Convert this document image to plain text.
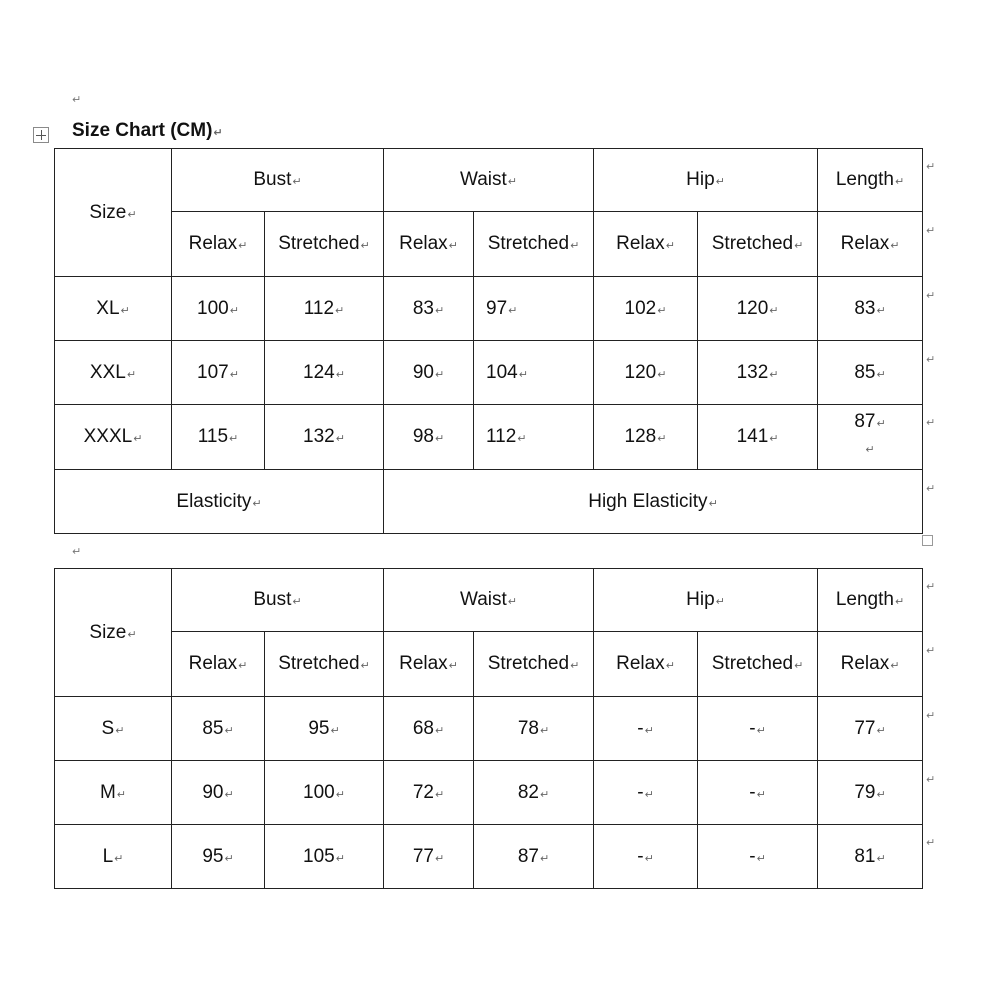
↵
↵
Size Chart (CM)↵
Size↵	Bust↵		Waist↵		Hip↵		Length↵
	Relax↵	Stretched↵	Relax↵	Stretched↵	Relax↵	Stretched↵	Relax↵
XL↵	100↵	112↵	83↵	97↵	102↵	120↵	83↵
XXL↵	107↵	124↵	90↵	104↵	120↵	132↵	85↵
XXXL↵	115↵	132↵	98↵	112↵	128↵	141↵	87↵
↵

Elasticity↵			High Elasticity↵				
↵
↵
↵
↵
↵
↵
Size↵	Bust↵		Waist↵		Hip↵		Length↵
	Relax↵	Stretched↵	Relax↵	Stretched↵	Relax↵	Stretched↵	Relax↵
S↵	85↵	95↵	68↵	78↵	-↵	-↵	77↵
M↵	90↵	100↵	72↵	82↵	-↵	-↵	79↵
L↵	95↵	105↵	77↵	87↵	-↵	-↵	81↵
↵
↵
↵
↵
↵
